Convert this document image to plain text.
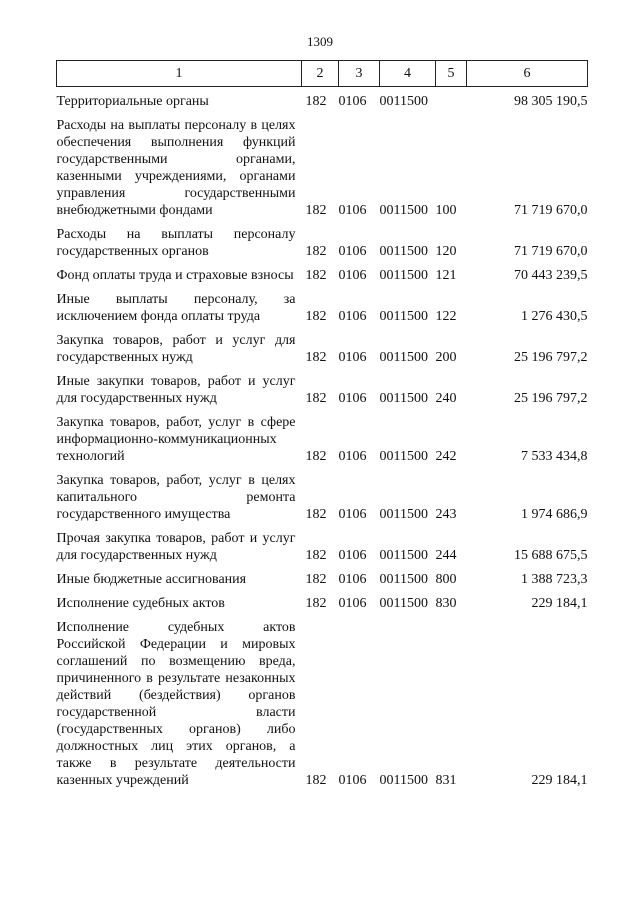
1309
1	2	3	4	5	6
Территориальные органы	182	0106	0011500		98 305 190,5
Расходы на выплаты персоналу в целях обеспечения выполнения функций государственными органами, казенными учреждениями, органами управления государственными внебюджетными фондами	182	0106	0011500	100	71 719 670,0
Расходы на выплаты персоналу государственных органов	182	0106	0011500	120	71 719 670,0
Фонд оплаты труда и страховые взносы	182	0106	0011500	121	70 443 239,5
Иные выплаты персоналу, за исключением фонда оплаты труда	182	0106	0011500	122	1 276 430,5
Закупка товаров, работ и услуг для государственных нужд	182	0106	0011500	200	25 196 797,2
Иные закупки товаров, работ и услуг для государственных нужд	182	0106	0011500	240	25 196 797,2
Закупка товаров, работ, услуг в сфере информационно-коммуникационных технологий	182	0106	0011500	242	7 533 434,8
Закупка товаров, работ, услуг в целях капитального ремонта государственного имущества	182	0106	0011500	243	1 974 686,9
Прочая закупка товаров, работ и услуг для государственных нужд	182	0106	0011500	244	15 688 675,5
Иные бюджетные ассигнования	182	0106	0011500	800	1 388 723,3
Исполнение судебных актов	182	0106	0011500	830	229 184,1
Исполнение судебных актов Российской Федерации и мировых соглашений по возмещению вреда, причиненного в результате незаконных действий (бездействия) органов государственной власти (государственных органов) либо должностных лиц этих органов, а также в результате деятельности казенных учреждений	182	0106	0011500	831	229 184,1
